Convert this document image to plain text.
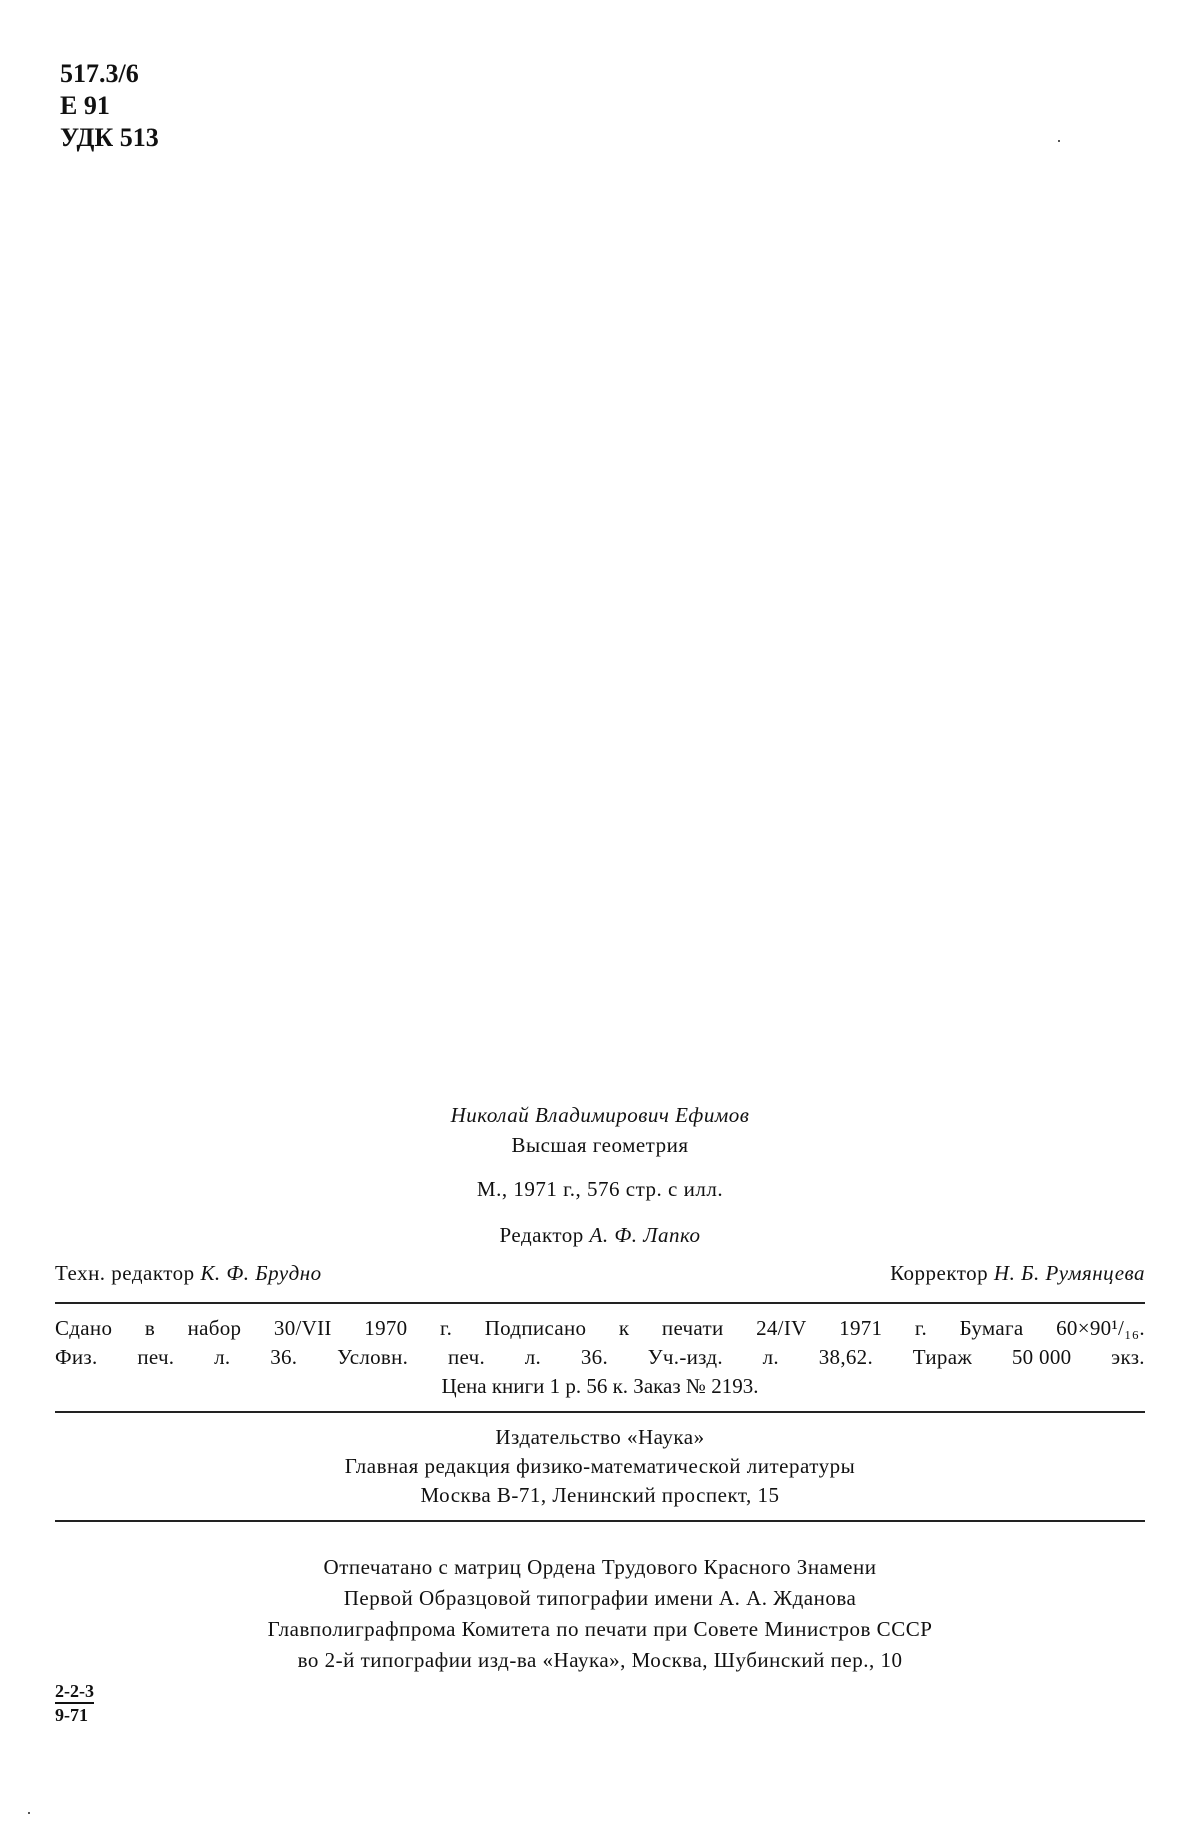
517.3/6
Е 91
УДК 513
Николай Владимирович Ефимов
Высшая геометрия
М., 1971 г., 576 стр. с илл.
Редактор А. Ф. Лапко
Техн. редактор К. Ф. Брудно	Корректор Н. Б. Румянцева
Сдано в набор 30/VII 1970 г. Подписано к печати 24/IV 1971 г. Бумага 60×90¹/₁₆.
Физ. печ. л. 36. Условн. печ. л. 36. Уч.-изд. л. 38,62. Тираж 50 000 экз.
Цена книги 1 р. 56 к. Заказ № 2193.
Издательство «Наука»
Главная редакция физико-математической литературы
Москва В-71, Ленинский проспект, 15
Отпечатано с матриц Ордена Трудового Красного Знамени
Первой Образцовой типографии имени А. А. Жданова
Главполиграфпрома Комитета по печати при Совете Министров СССР
во 2-й типографии изд-ва «Наука», Москва, Шубинский пер., 10
2-2-3
9-71
